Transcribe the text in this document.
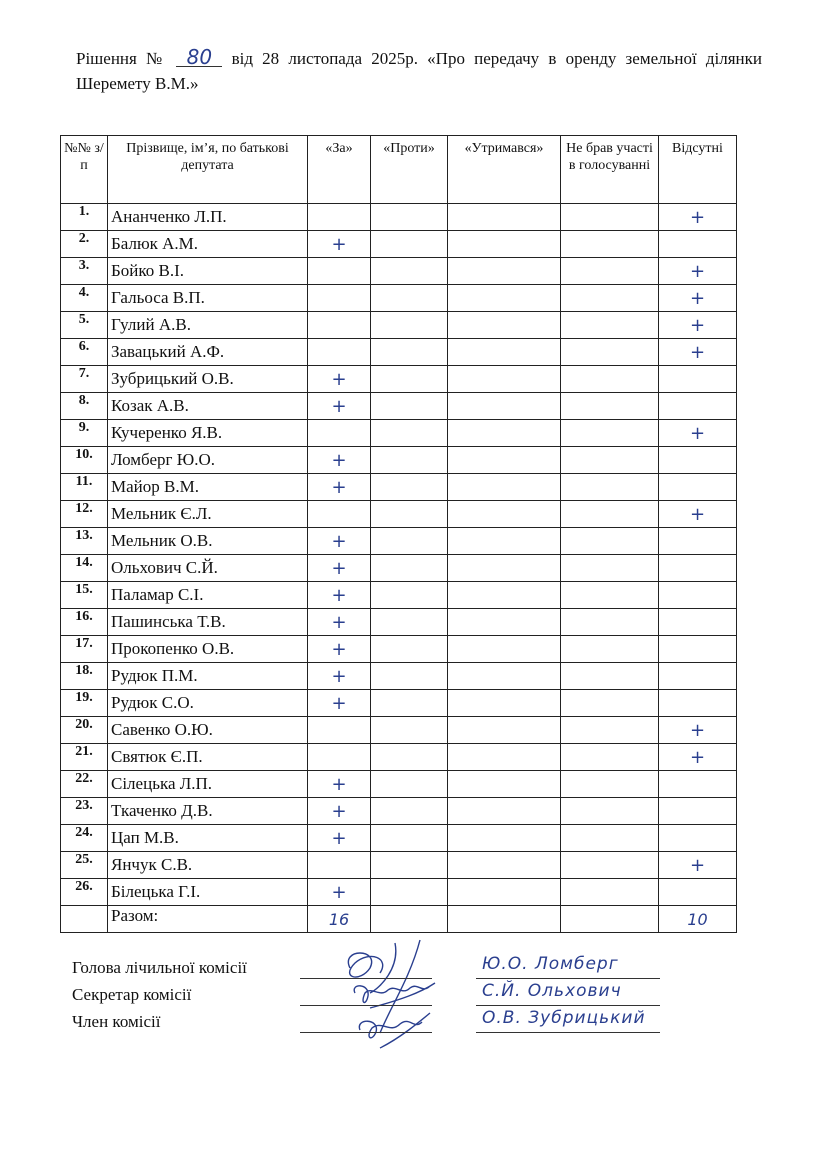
Рішення № 80 від 28 листопада 2025р. «Про передачу в оренду земельної ділянки Шеремету В.М.»
№№ з/п	Прізвище, ім’я, по батькові депутата	«За»	«Проти»	«Утримався»	Не брав участі в голосуванні	Відсутні
1.	Ананченко Л.П.					+
2.	Балюк А.М.	+				
3.	Бойко В.І.					+
4.	Гальоса В.П.					+
5.	Гулий А.В.					+
6.	Завацький А.Ф.					+
7.	Зубрицький О.В.	+				
8.	Козак А.В.	+				
9.	Кучеренко Я.В.					+
10.	Ломберг Ю.О.	+				
11.	Майор В.М.	+				
12.	Мельник Є.Л.					+
13.	Мельник О.В.	+				
14.	Ольхович С.Й.	+				
15.	Паламар С.І.	+				
16.	Пашинська Т.В.	+				
17.	Прокопенко О.В.	+				
18.	Рудюк П.М.	+				
19.	Рудюк С.О.	+				
20.	Савенко О.Ю.					+
21.	Святюк Є.П.					+
22.	Сілецька Л.П.	+				
23.	Ткаченко Д.В.	+				
24.	Цап М.В.	+				
25.	Янчук С.В.					+
26.	Білецька Г.І.	+				
	Разом:	16				10
Голова лічильної комісії	Ю.О. Ломберг
Секретар комісії	С.Й. Ольхович
Член комісії	О.В. Зубрицький
